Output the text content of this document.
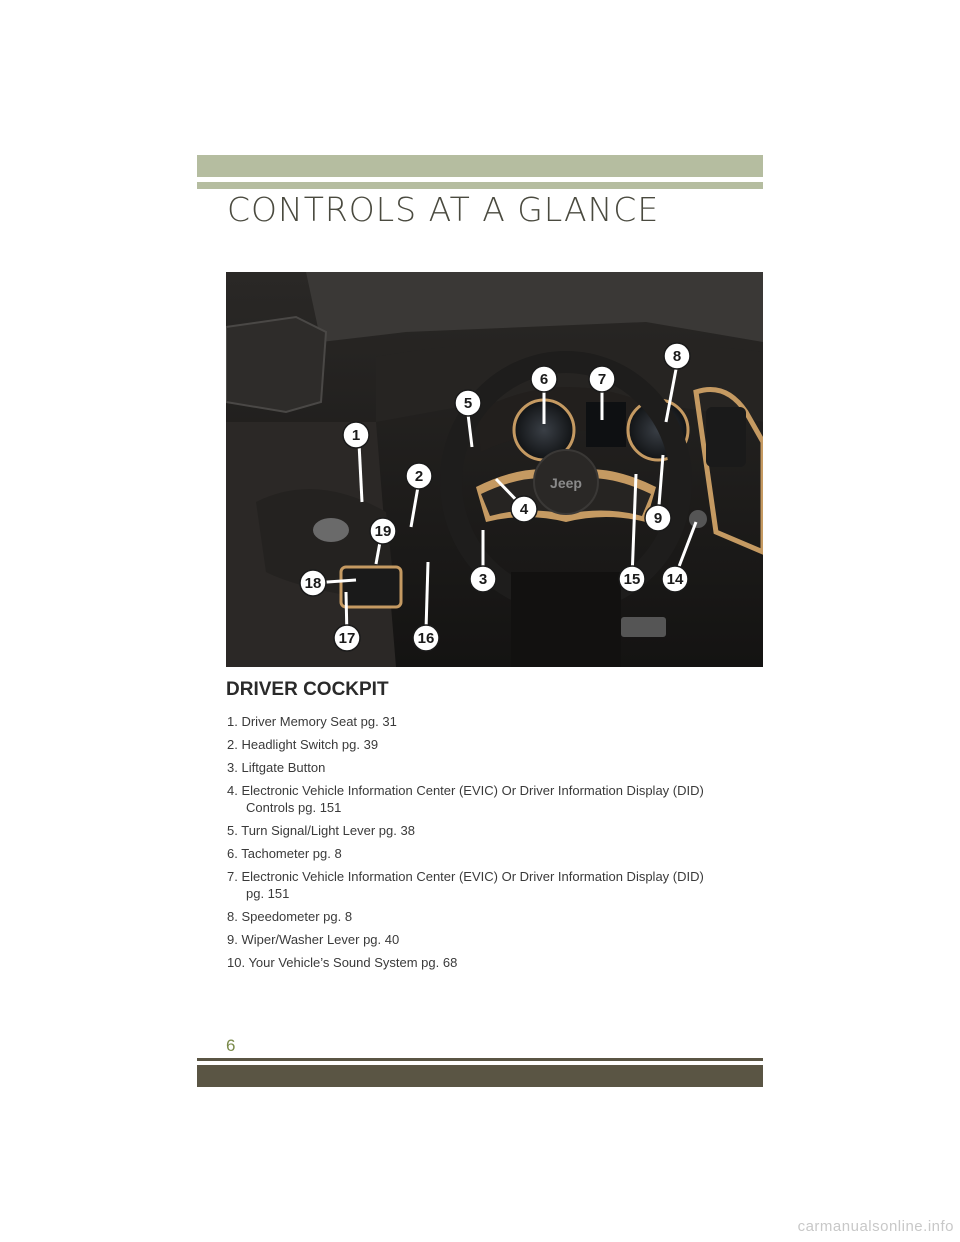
CONTROLS AT A GLANCE
Jeep
1
2
3
4
5
6	7
8
9
14
15
16
17
18
19
DRIVER COCKPIT
1. Driver Memory Seat pg. 31
2. Headlight Switch pg. 39
3. Liftgate Button
4. Electronic Vehicle Information Center (EVIC) Or Driver Information Display (DID)
Controls pg. 151
5. Turn Signal/Light Lever pg. 38
6. Tachometer pg. 8
7. Electronic Vehicle Information Center (EVIC) Or Driver Information Display (DID)
pg. 151
8. Speedometer pg. 8
9. Wiper/Washer Lever pg. 40
10. Your Vehicle’s Sound System pg. 68
6
carmanualsonline.info
